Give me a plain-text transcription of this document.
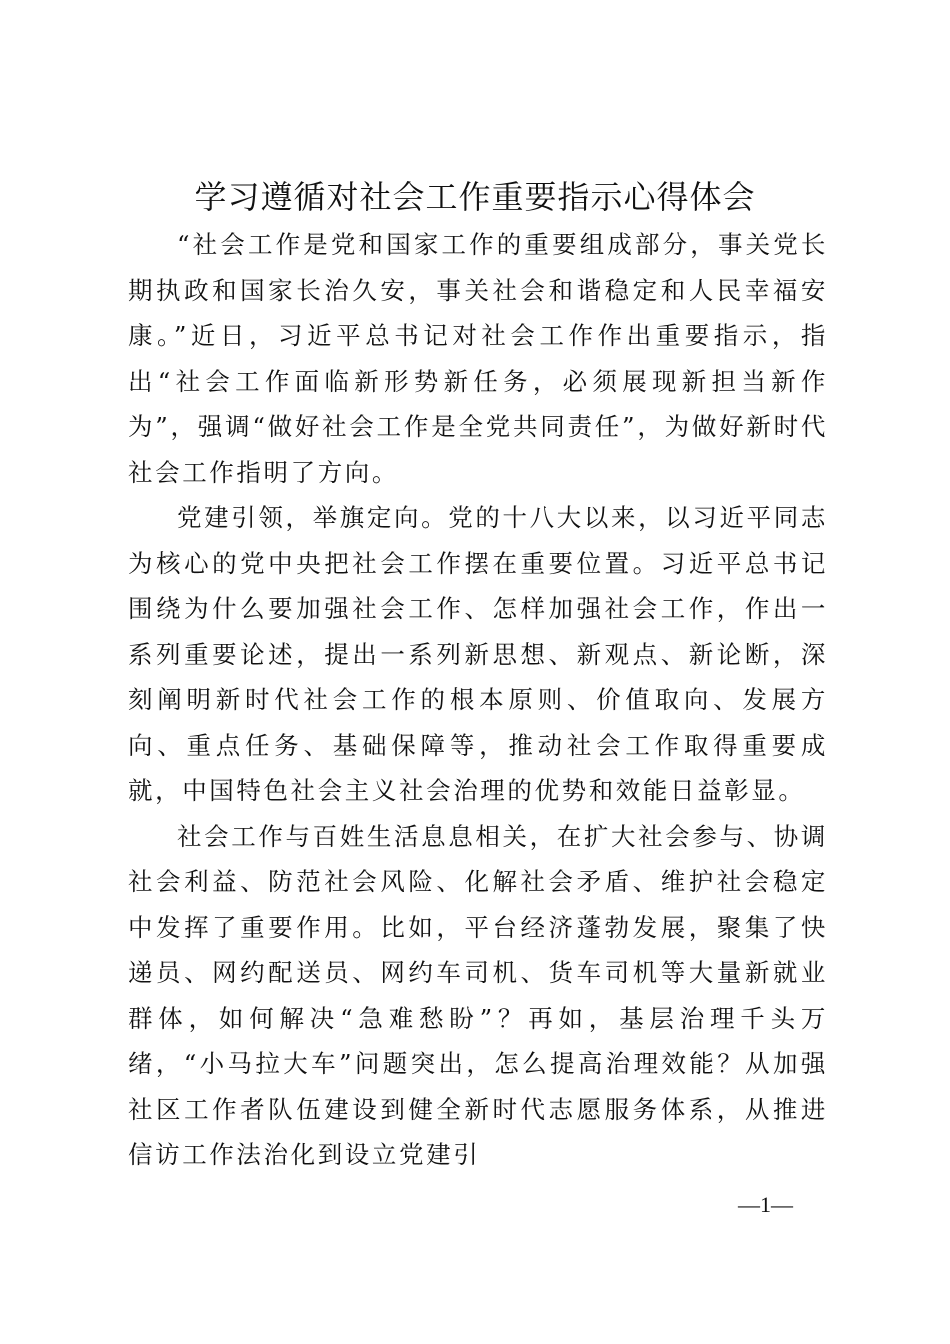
学习遵循对社会工作重要指示心得体会

“社会工作是党和国家工作的重要组成部分，事关党长期执政和国家长治久安，事关社会和谐稳定和人民幸福安康。”近日，习近平总书记对社会工作作出重要指示，指出“社会工作面临新形势新任务，必须展现新担当新作为”，强调“做好社会工作是全党共同责任”，为做好新时代社会工作指明了方向。

党建引领，举旗定向。党的十八大以来，以习近平同志为核心的党中央把社会工作摆在重要位置。习近平总书记围绕为什么要加强社会工作、怎样加强社会工作，作出一系列重要论述，提出一系列新思想、新观点、新论断，深刻阐明新时代社会工作的根本原则、价值取向、发展方向、重点任务、基础保障等，推动社会工作取得重要成就，中国特色社会主义社会治理的优势和效能日益彰显。

社会工作与百姓生活息息相关，在扩大社会参与、协调社会利益、防范社会风险、化解社会矛盾、维护社会稳定中发挥了重要作用。比如，平台经济蓬勃发展，聚集了快递员、网约配送员、网约车司机、货车司机等大量新就业群体，如何解决“急难愁盼”？再如，基层治理千头万绪，“小马拉大车”问题突出，怎么提高治理效能？从加强社区工作者队伍建设到健全新时代志愿服务体系，从推进信访工作法治化到设立党建引

—1—
